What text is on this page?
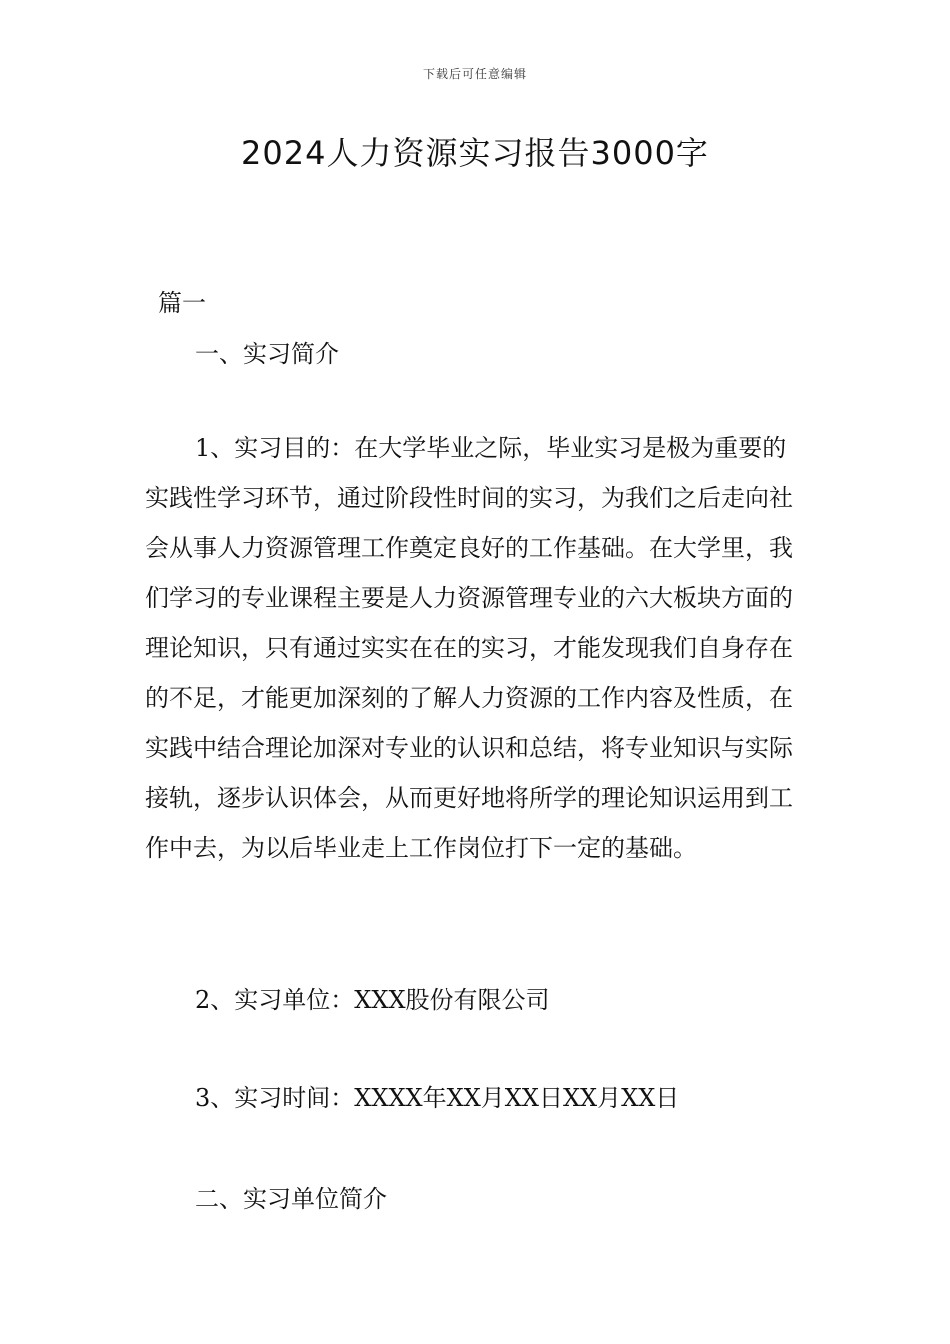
下载后可任意编辑
2024人力资源实习报告3000字

篇一

一、实习简介

1、实习目的：在大学毕业之际，毕业实习是极为重要的实践性学习环节，通过阶段性时间的实习，为我们之后走向社会从事人力资源管理工作奠定良好的工作基础。在大学里，我们学习的专业课程主要是人力资源管理专业的六大板块方面的理论知识，只有通过实实在在的实习，才能发现我们自身存在的不足，才能更加深刻的了解人力资源的工作内容及性质，在实践中结合理论加深对专业的认识和总结，将专业知识与实际接轨，逐步认识体会，从而更好地将所学的理论知识运用到工作中去，为以后毕业走上工作岗位打下一定的基础。

2、实习单位：XXX股份有限公司

3、实习时间：XXXX年XX月XX日XX月XX日

二、实习单位简介
